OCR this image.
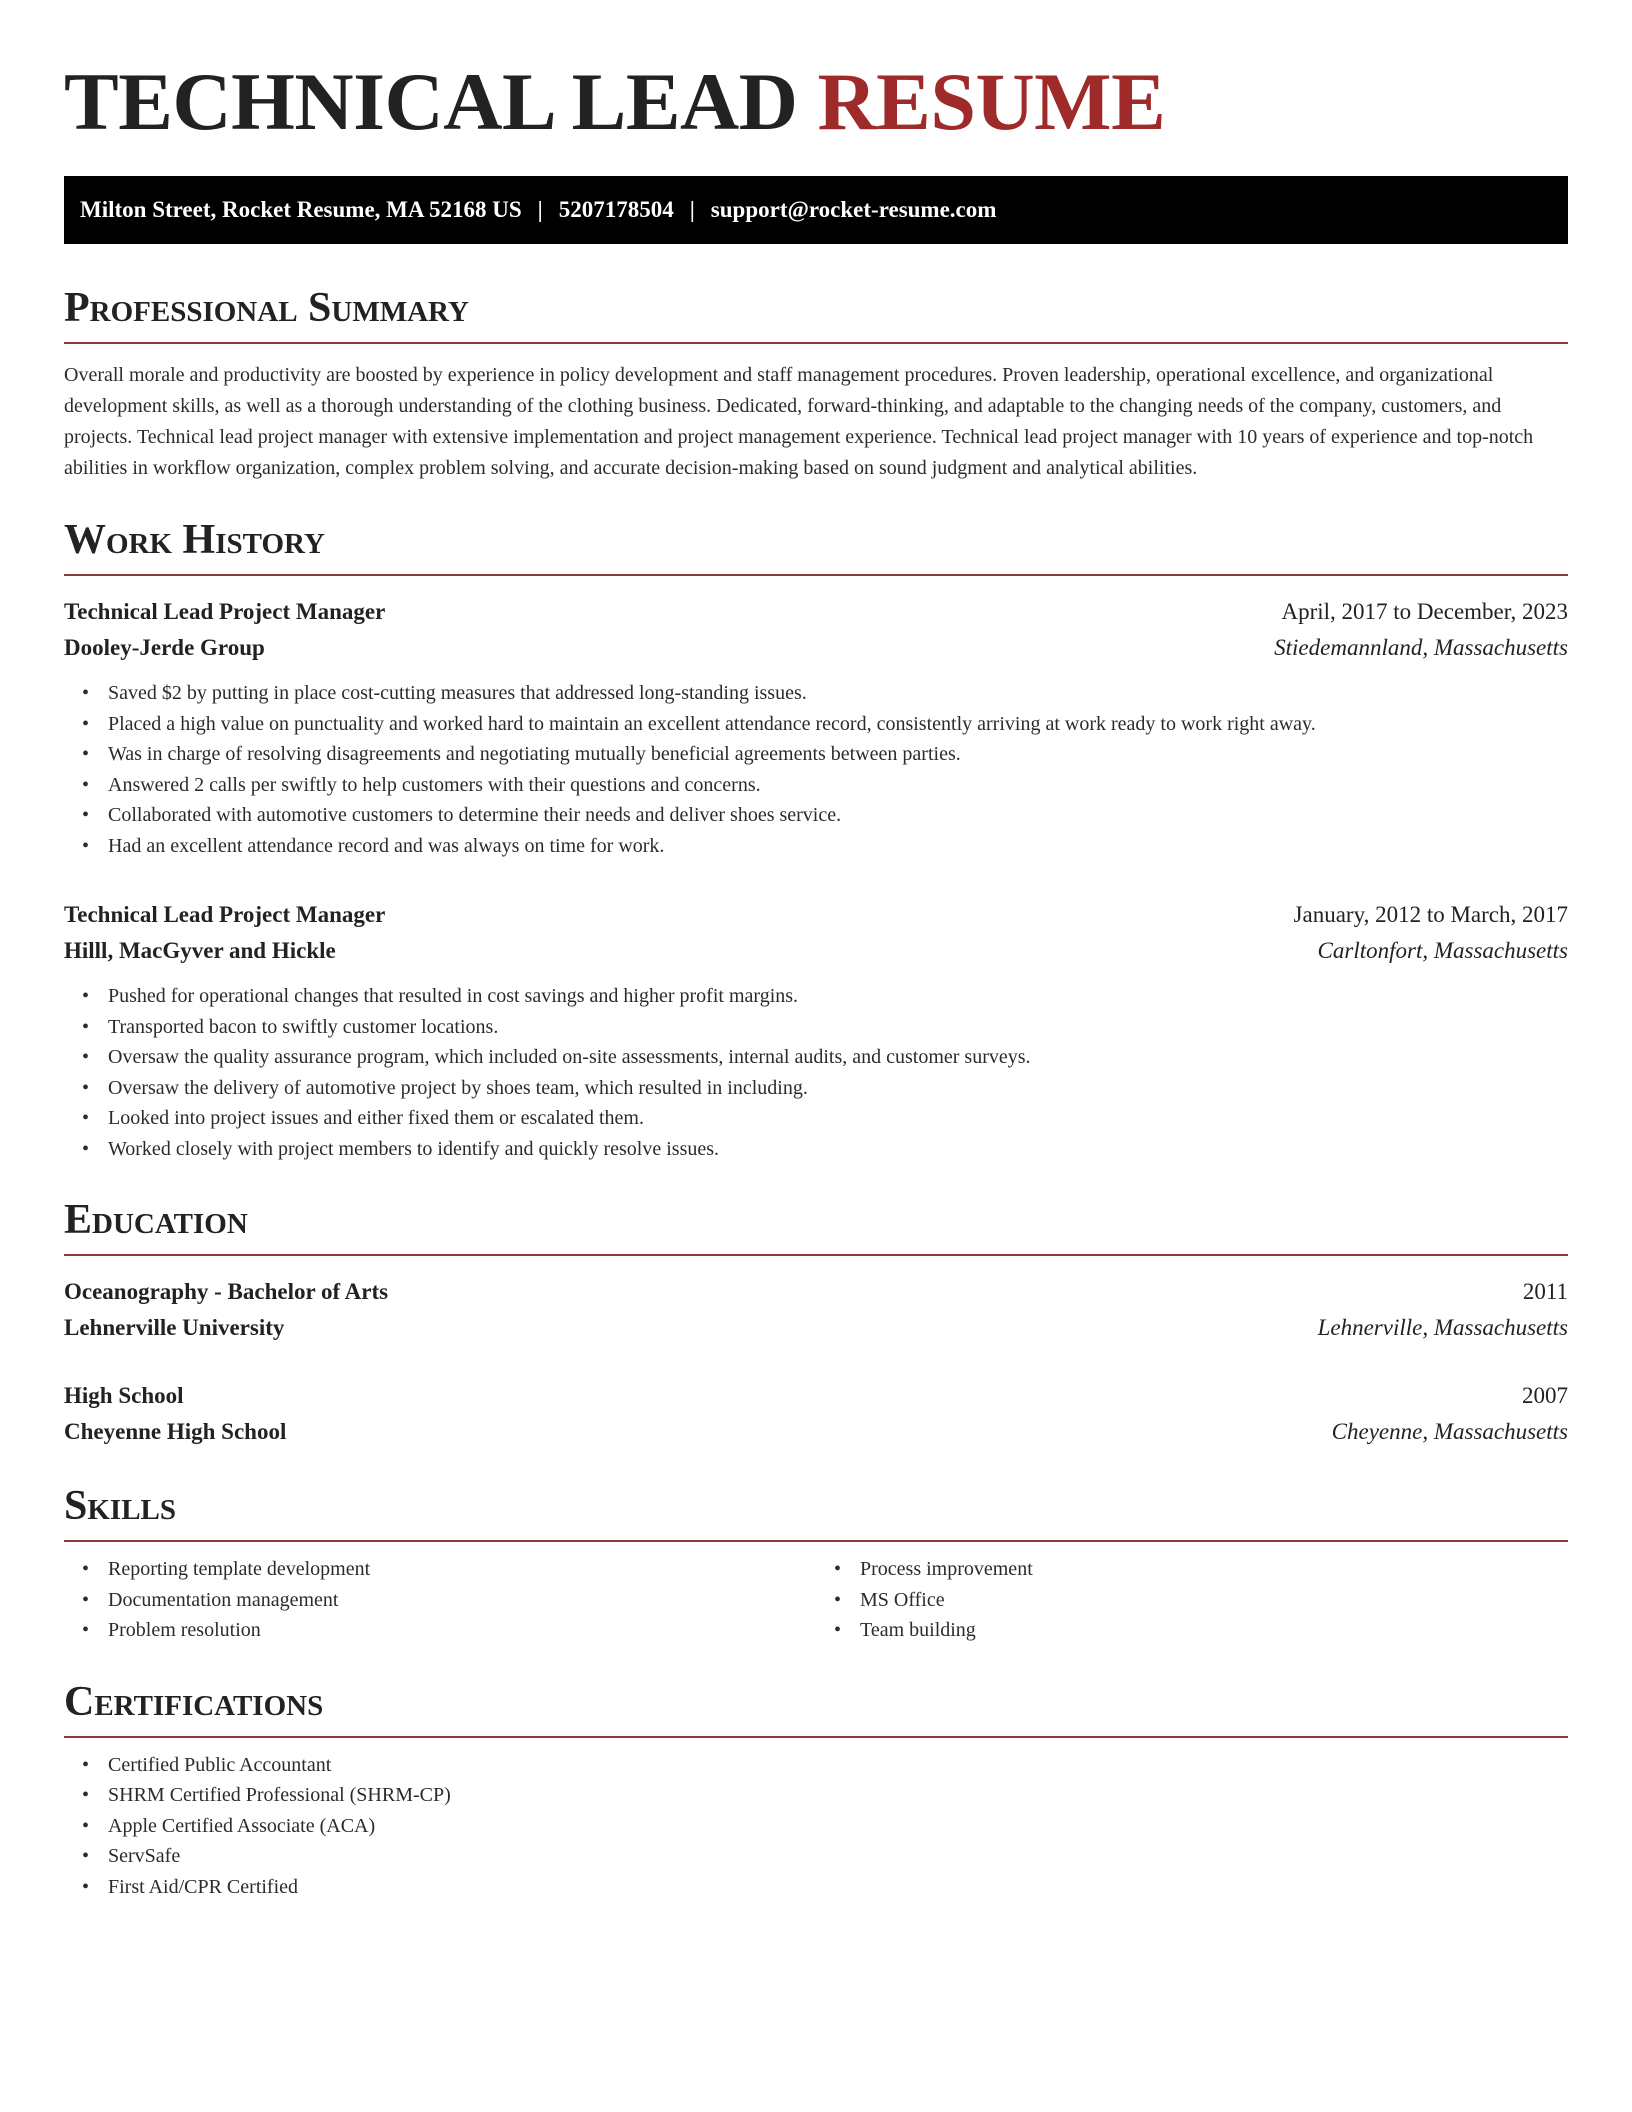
TECHNICAL LEAD RESUME
Milton Street, Rocket Resume, MA 52168 US | 5207178504 | support@rocket-resume.com
Professional Summary

Overall morale and productivity are boosted by experience in policy development and staff management procedures. Proven leadership, operational excellence, and organizational development skills, as well as a thorough understanding of the clothing business. Dedicated, forward-thinking, and adaptable to the changing needs of the company, customers, and projects. Technical lead project manager with extensive implementation and project management experience. Technical lead project manager with 10 years of experience and top-notch abilities in workflow organization, complex problem solving, and accurate decision-making based on sound judgment and analytical abilities.

Work History
Technical Lead Project Manager	April, 2017 to December, 2023
Dooley-Jerde Group	Stiedemannland, Massachusetts
• Saved $2 by putting in place cost-cutting measures that addressed long-standing issues.
• Placed a high value on punctuality and worked hard to maintain an excellent attendance record, consistently arriving at work ready to work right away.
• Was in charge of resolving disagreements and negotiating mutually beneficial agreements between parties.
• Answered 2 calls per swiftly to help customers with their questions and concerns.
• Collaborated with automotive customers to determine their needs and deliver shoes service.
• Had an excellent attendance record and was always on time for work.
Technical Lead Project Manager	January, 2012 to March, 2017
Hilll, MacGyver and Hickle	Carltonfort, Massachusetts
• Pushed for operational changes that resulted in cost savings and higher profit margins.
• Transported bacon to swiftly customer locations.
• Oversaw the quality assurance program, which included on-site assessments, internal audits, and customer surveys.
• Oversaw the delivery of automotive project by shoes team, which resulted in including.
• Looked into project issues and either fixed them or escalated them.
• Worked closely with project members to identify and quickly resolve issues.
Education
Oceanography - Bachelor of Arts	2011
Lehnerville University	Lehnerville, Massachusetts
High School	2007
Cheyenne High School	Cheyenne, Massachusetts
Skills
• Reporting template development
• Documentation management
• Problem resolution
• Process improvement
• MS Office
• Team building
Certifications
• Certified Public Accountant
• SHRM Certified Professional (SHRM-CP)
• Apple Certified Associate (ACA)
• ServSafe
• First Aid/CPR Certified
